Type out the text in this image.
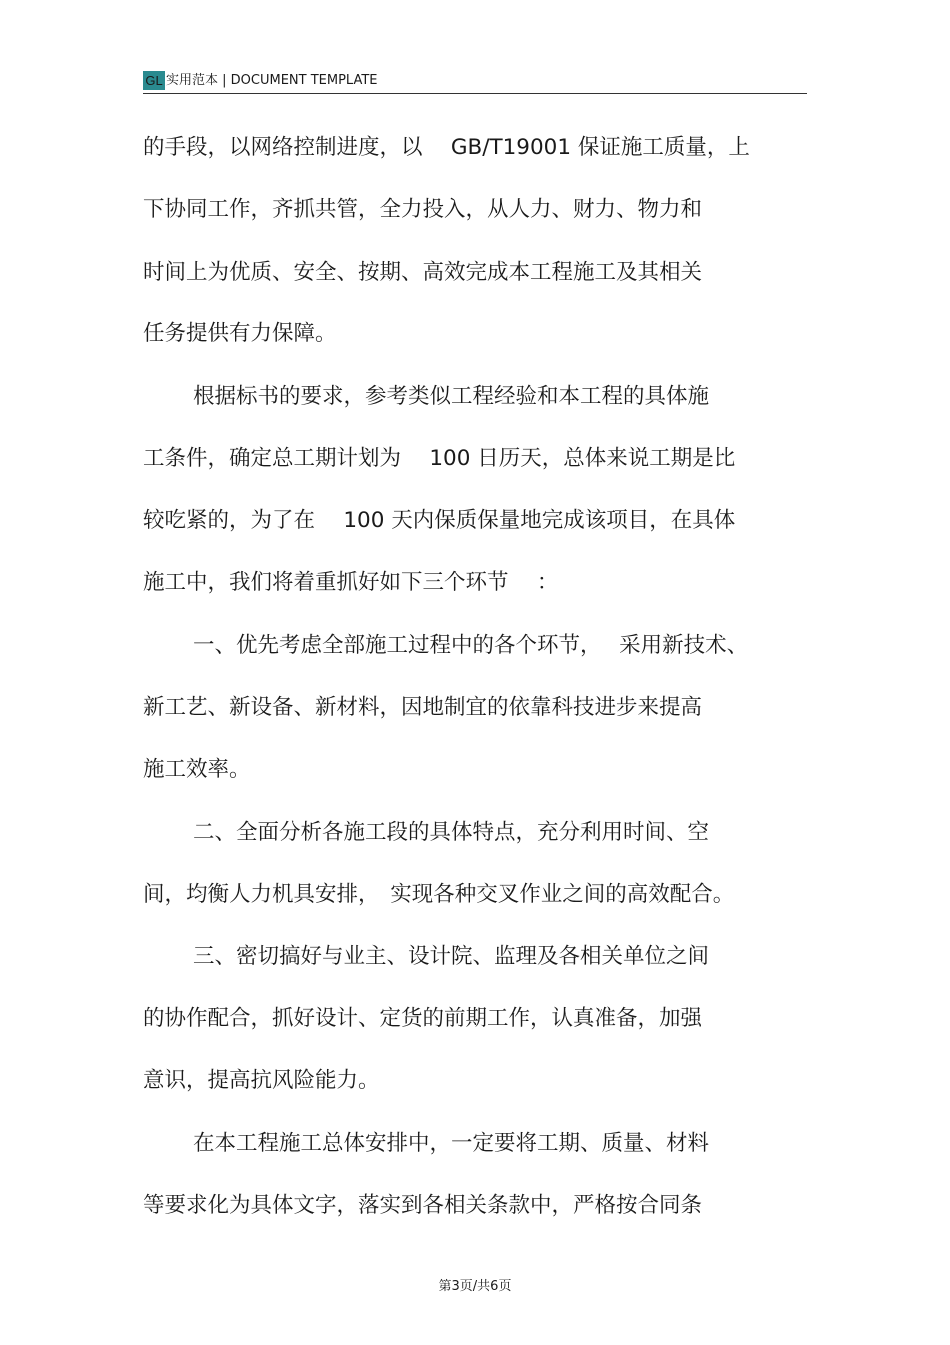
GL 实用范本 | DOCUMENT TEMPLATE
的手段，以网络控制进度，以　 GB/T19001 保证施工质量，上
下协同工作，齐抓共管，全力投入，从人力、财力、物力和
时间上为优质、安全、按期、高效完成本工程施工及其相关
任务提供有力保障。
根据标书的要求，参考类似工程经验和本工程的具体施
工条件，确定总工期计划为　 100 日历天，总体来说工期是比
较吃紧的，为了在　 100 天内保质保量地完成该项目，在具体
施工中，我们将着重抓好如下三个环节　 ：
一、优先考虑全部施工过程中的各个环节，　 采用新技术、
新工艺、新设备、新材料，因地制宜的依靠科技进步来提高
施工效率。
二、全面分析各施工段的具体特点，充分利用时间、空
间，均衡人力机具安排，　实现各种交叉作业之间的高效配合。
三、密切搞好与业主、设计院、监理及各相关单位之间
的协作配合，抓好设计、定货的前期工作，认真准备，加强
意识，提高抗风险能力。
在本工程施工总体安排中，一定要将工期、质量、材料
等要求化为具体文字，落实到各相关条款中，严格按合同条
第3页/共6页
